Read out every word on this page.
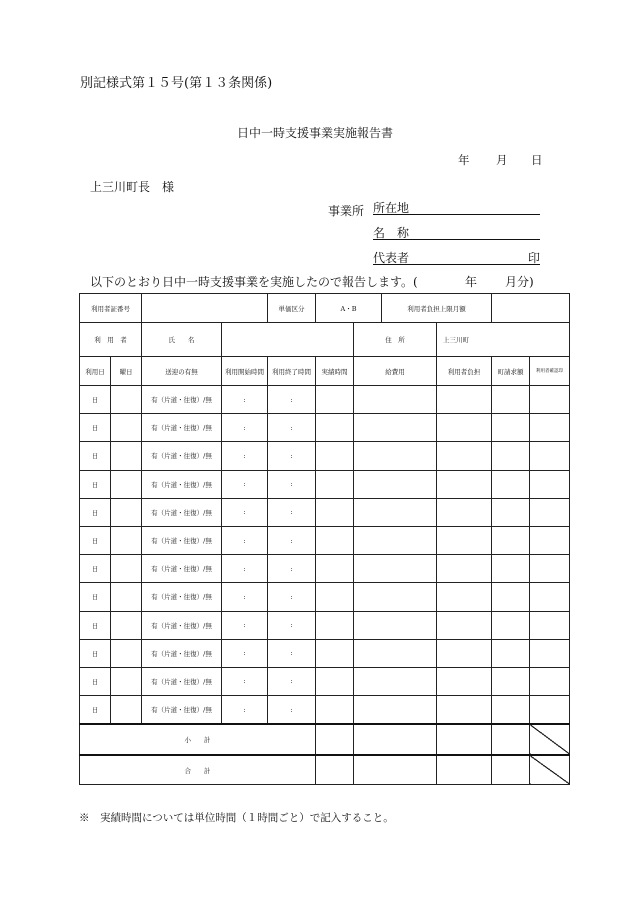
別記様式第１５号(第１３条関係)
日中一時支援事業実施報告書
年 月 日
上三川町長　様
事業所 所在地
名　称
代表者	印
以下のとおり日中一時支援事業を実施したので報告します。(	年 月分)
利用者証番号				単価区分	A・B		利用者負担上限月額			
利　用　者		氏　　名				住　所		上三川町		
利用日	曜日	送迎の有無	利用開始時間	利用終了時間	実績時間	給費用		利用者負担	町請求額	利用者確認印
日		有（片道・往復）/無	:	:						
日		有（片道・往復）/無	:	:						
日		有（片道・往復）/無	:	:						
日		有（片道・往復）/無	:	:						
日		有（片道・往復）/無	:	:						
日		有（片道・往復）/無	:	:						
日		有（片道・往復）/無	:	:						
日		有（片道・往復）/無	:	:						
日		有（片道・往復）/無	:	:						
日		有（片道・往復）/無	:	:						
日		有（片道・往復）/無	:	:						
日		有（片道・往復）/無	:	:						
小　　計										
合　　計										
※　実績時間については単位時間（１時間ごと）で記入すること。
